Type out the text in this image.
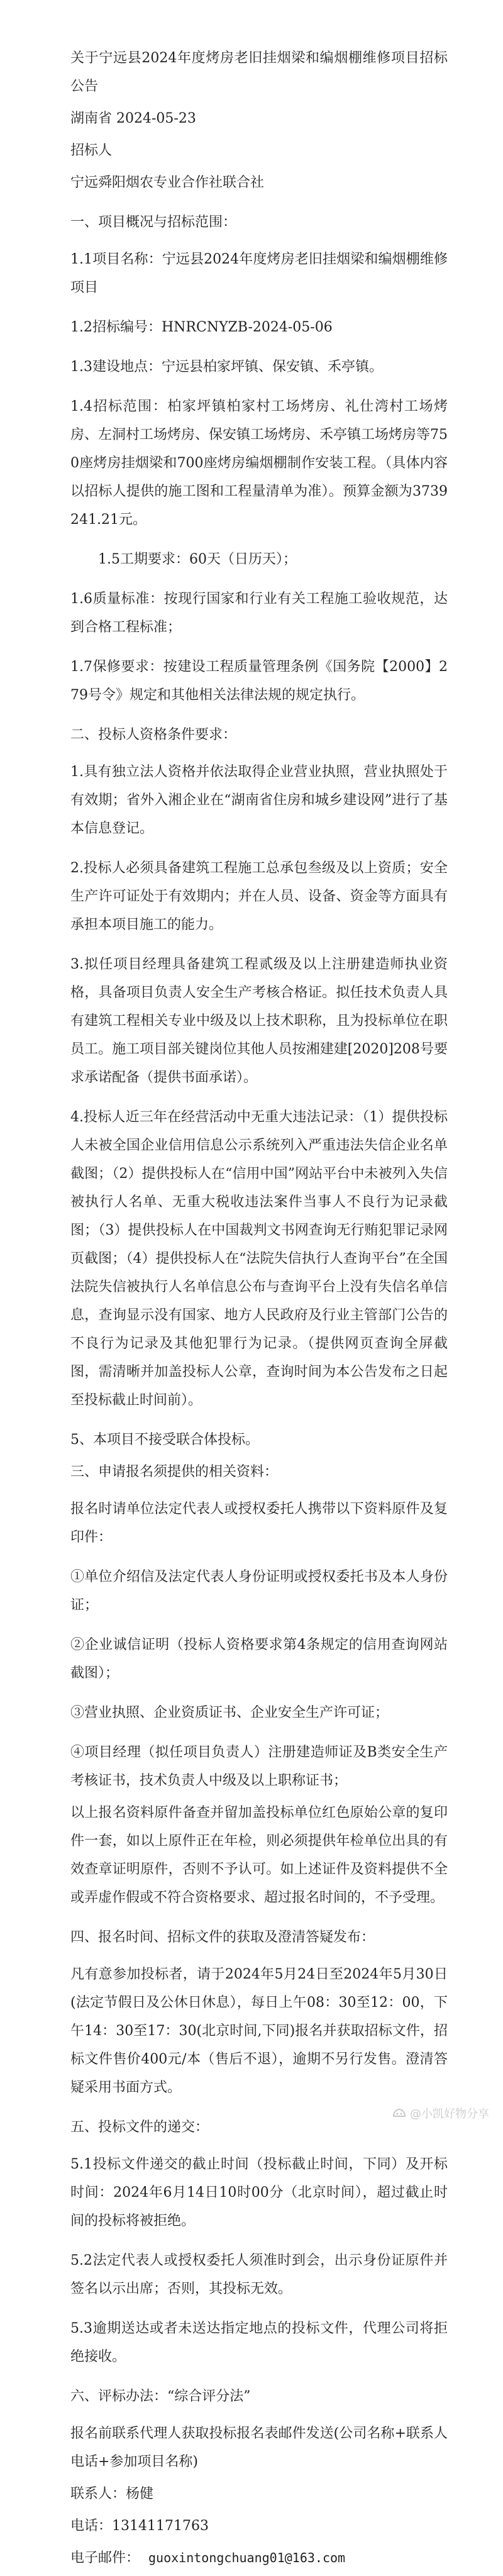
关于宁远县2024年度烤房老旧挂烟梁和编烟棚维修项目招标公告

湖南省 2024-05-23

招标人

宁远舜阳烟农专业合作社联合社

一、项目概况与招标范围：

1.1项目名称：宁远县2024年度烤房老旧挂烟梁和编烟棚维修项目

1.2招标编号：HNRCNYZB-2024-05-06

1.3建设地点：宁远县柏家坪镇、保安镇、禾亭镇。

1.4招标范围：柏家坪镇柏家村工场烤房、礼仕湾村工场烤房、左洞村工场烤房、保安镇工场烤房、禾亭镇工场烤房等750座烤房挂烟梁和700座烤房编烟棚制作安装工程。（具体内容以招标人提供的施工图和工程量清单为准）。预算金额为3739241.21元。

1.5工期要求：60天（日历天）；

1.6质量标准：按现行国家和行业有关工程施工验收规范，达到合格工程标准；

1.7保修要求：按建设工程质量管理条例《国务院【2000】279号令》规定和其他相关法律法规的规定执行。

二、投标人资格条件要求：

1.具有独立法人资格并依法取得企业营业执照，营业执照处于有效期；省外入湘企业在“湖南省住房和城乡建设网”进行了基本信息登记。

2.投标人必须具备建筑工程施工总承包叁级及以上资质；安全生产许可证处于有效期内；并在人员、设备、资金等方面具有承担本项目施工的能力。

3.拟任项目经理具备建筑工程贰级及以上注册建造师执业资格，具备项目负责人安全生产考核合格证。拟任技术负责人具有建筑工程相关专业中级及以上技术职称，且为投标单位在职员工。施工项目部关键岗位其他人员按湘建建[2020]208号要求承诺配备（提供书面承诺）。

4.投标人近三年在经营活动中无重大违法记录：（1）提供投标人未被全国企业信用信息公示系统列入严重违法失信企业名单截图；（2）提供投标人在“信用中国”网站平台中未被列入失信被执行人名单、无重大税收违法案件当事人不良行为记录截图；（3）提供投标人在中国裁判文书网查询无行贿犯罪记录网页截图；（4）提供投标人在“法院失信执行人查询平台”在全国法院失信被执行人名单信息公布与查询平台上没有失信名单信息，查询显示没有国家、地方人民政府及行业主管部门公告的不良行为记录及其他犯罪行为记录。（提供网页查询全屏截图，需清晰并加盖投标人公章，查询时间为本公告发布之日起至投标截止时间前）。

5、本项目不接受联合体投标。

三、申请报名须提供的相关资料：

报名时请单位法定代表人或授权委托人携带以下资料原件及复印件：

①单位介绍信及法定代表人身份证明或授权委托书及本人身份证；

②企业诚信证明（投标人资格要求第4条规定的信用查询网站截图）；

③营业执照、企业资质证书、企业安全生产许可证；

④项目经理（拟任项目负责人）注册建造师证及B类安全生产考核证书，技术负责人中级及以上职称证书；

以上报名资料原件备查并留加盖投标单位红色原始公章的复印件一套，如以上原件正在年检，则必须提供年检单位出具的有效查章证明原件，否则不予认可。如上述证件及资料提供不全或弄虚作假或不符合资格要求、超过报名时间的，不予受理。

四、报名时间、招标文件的获取及澄清答疑发布：

凡有意参加投标者，请于2024年5月24日至2024年5月30日(法定节假日及公休日休息），每日上午08：30至12：00，下午14：30至17：30(北京时间,下同)报名并获取招标文件，招标文件售价400元/本（售后不退），逾期不另行发售。澄清答疑采用书面方式。

五、投标文件的递交：

5.1投标文件递交的截止时间（投标截止时间，下同）及开标时间：2024年6月14日10时00分（北京时间），超过截止时间的投标将被拒绝。

5.2法定代表人或授权委托人须准时到会，出示身份证原件并签名以示出席；否则，其投标无效。

5.3逾期送达或者未送达指定地点的投标文件，代理公司将拒绝接收。

六、评标办法：“综合评分法”

报名前联系代理人获取投标报名表邮件发送(公司名称+联系人电话+参加项目名称)

联系人：杨健

电话：13141171763

电子邮件： guoxintongchuang01@163.com

@小凯好物分享
